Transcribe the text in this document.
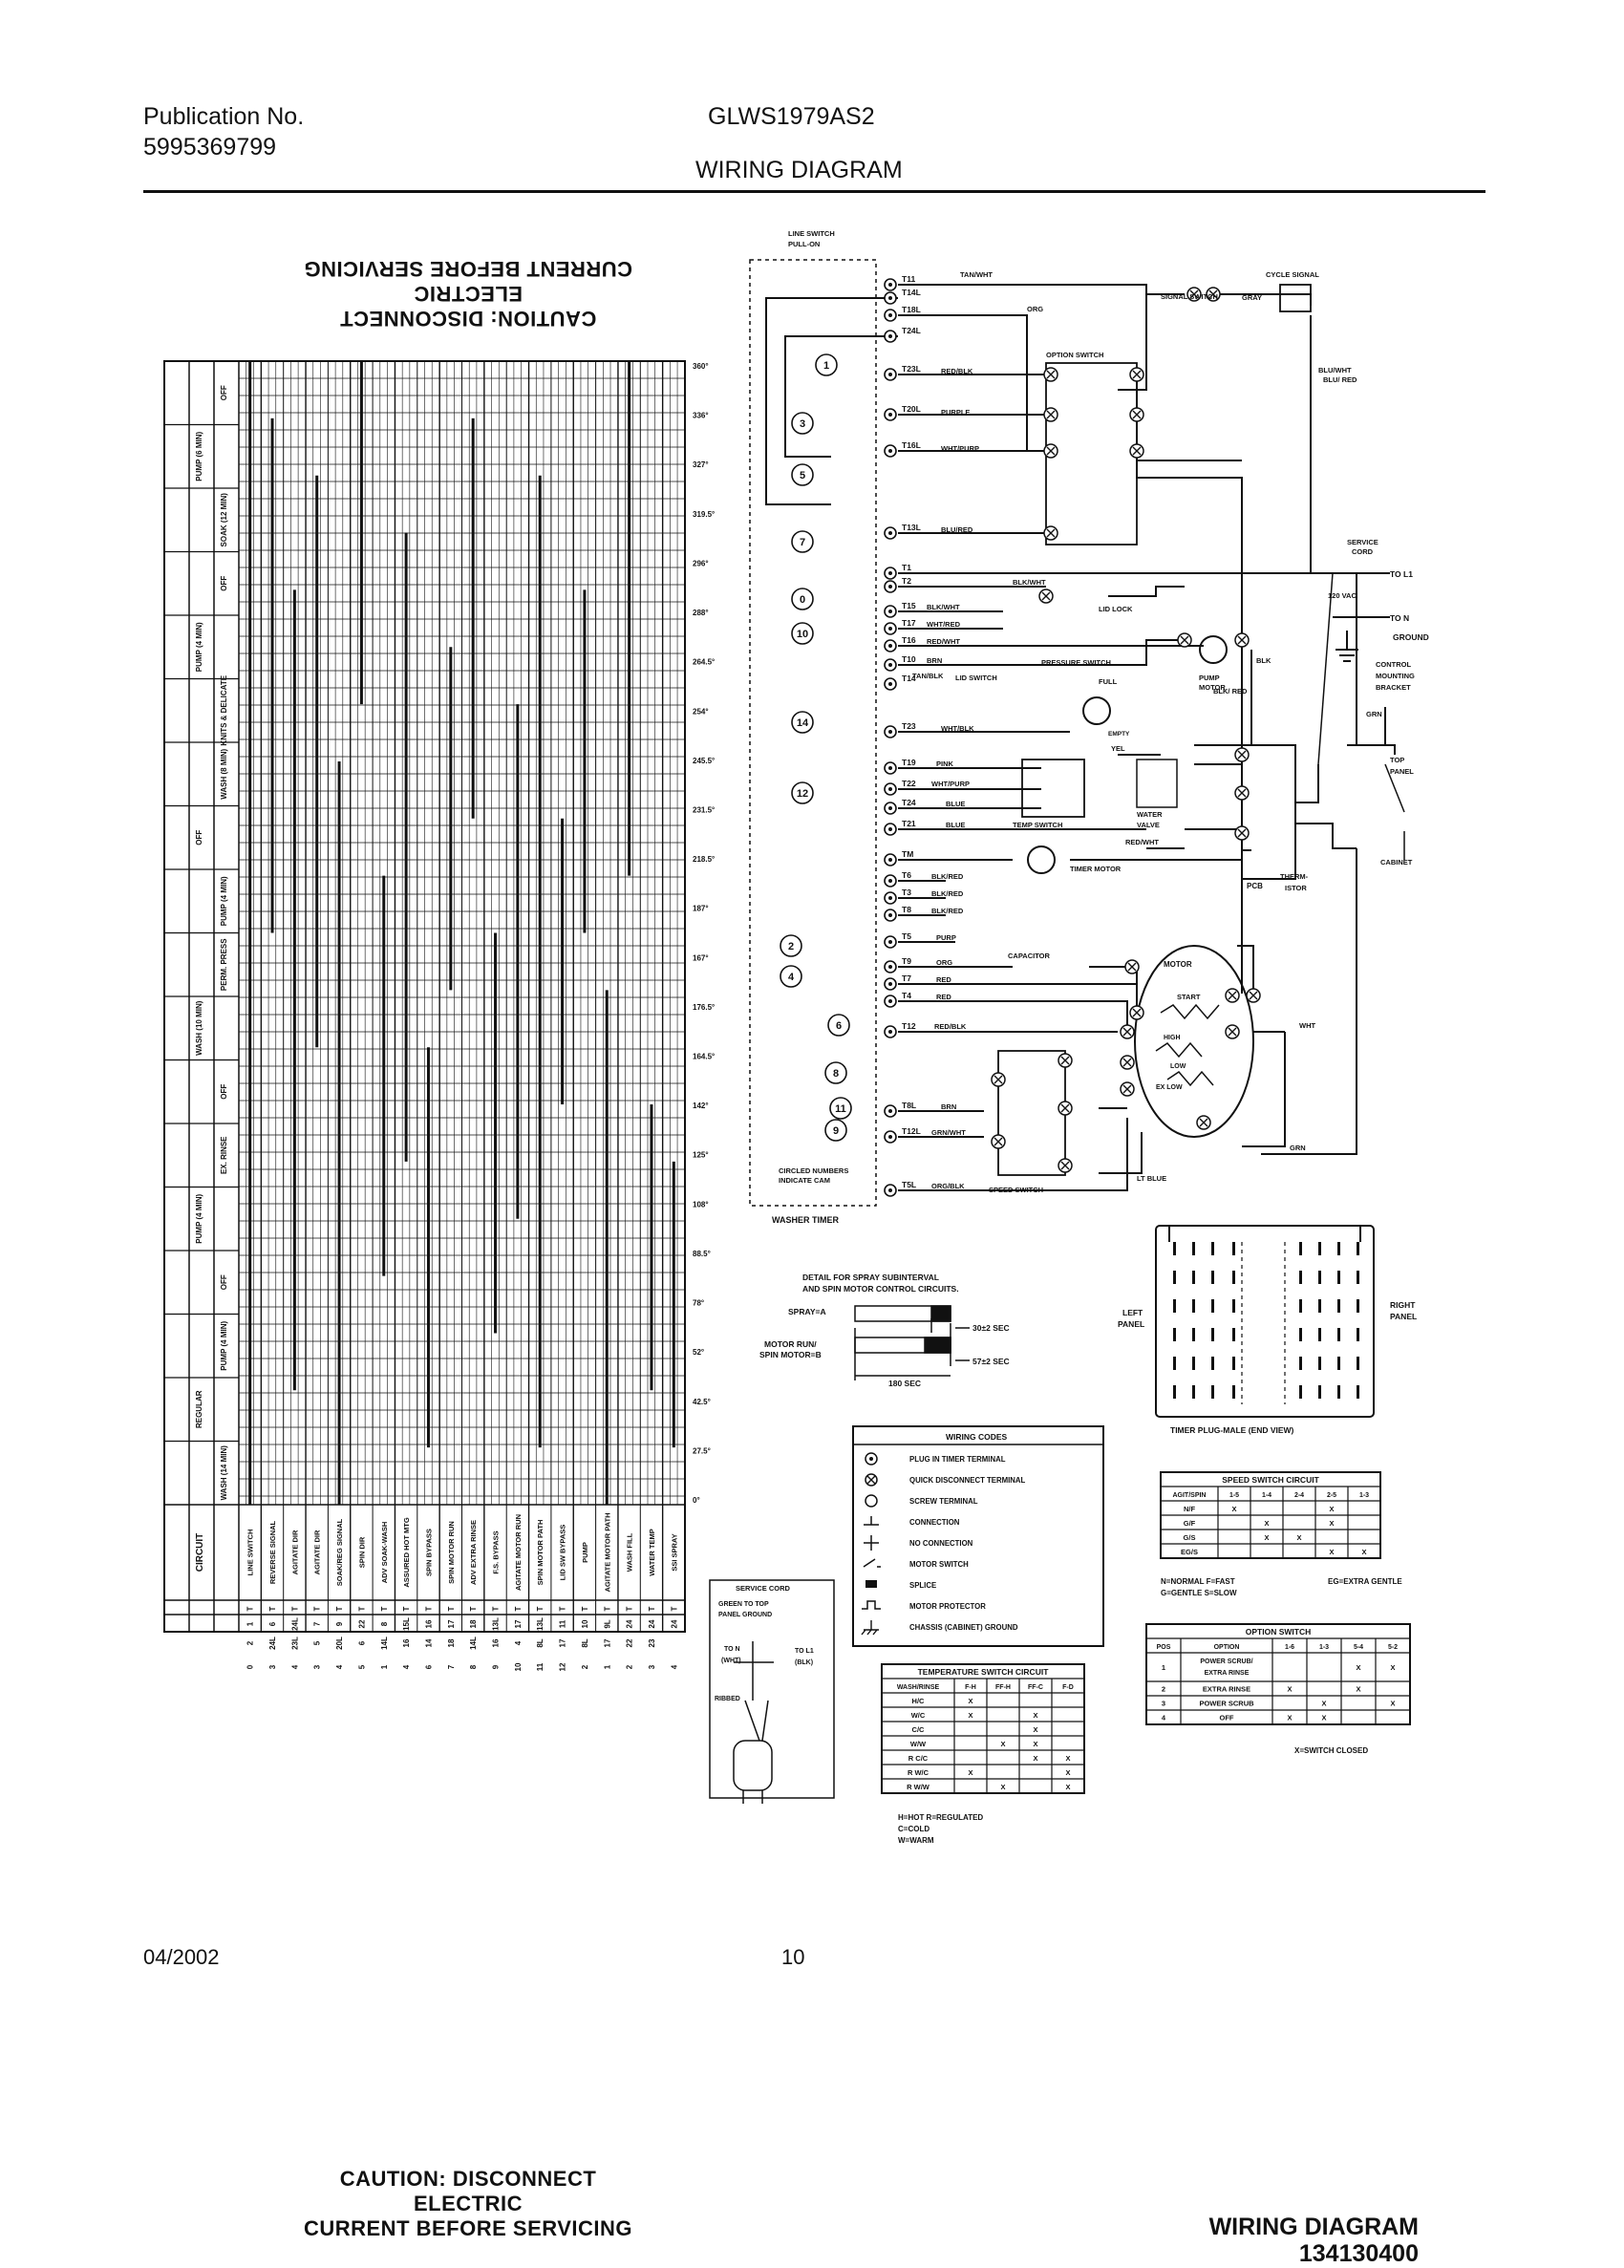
Publication No.
5995369799
GLWS1979AS2
WIRING DIAGRAM
CAUTION: DISCONNECT ELECTRIC
CURRENT BEFORE SERVICING
CAUTION: DISCONNECT ELECTRIC
CURRENT BEFORE SERVICING
OFF
PUMP (6 MIN)
SOAK (12 MIN)
OFF
PUMP (4 MIN)
KNITS & DELICATE
WASH (8 MIN)
OFF
PUMP (4 MIN)
PERM. PRESS
WASH (10 MIN)
OFF
EX. RINSE
PUMP (4 MIN)
OFF
PUMP (4 MIN)
REGULAR
WASH (14 MIN)
360°
336°
327°
319.5°
296°
288°
264.5°
254°
245.5°
231.5°
218.5°
187°
167°
176.5°
164.5°
142°
125°
108°
88.5°
78°
52°
42.5°
27.5°
0°
CIRCUIT	LINE SWITCH REVERSE SIGNAL AGITATE DIR AGITATE DIR SOAK/REG SIGNAL SPIN DIR ADV SOAK-WASH ASSURED HOT MTG SPIN BYPASS SPIN MOTOR RUN ADV EXTRA RINSE F.S. BYPASS AGITATE MOTOR RUN SPIN MOTOR PATH LID SW BYPASS PUMP AGITATE MOTOR PATH WASH FILL WATER TEMP SSI SPRAY
T T T T T T T T T T T T T T T T T T T T
1 6 24L 7 9 22 8 15L 16 17 18 13L 17 13L 11 10 9L 24 24 24
2 24L 23L 5 20L 6 14L 16 14 18 14L 16 4 8L 17 8L 17 22 23
0 3 4 3 4 5 1 4 6 7 8 9 10 11 12 2 1 2 3 4
T11
T14L
T18L
T24L
T23L
T20L
T16L
T13L
T1
T2
T15
T17
T16
T10
T14
T23
T19
T22
T24
T21
TM
T6
T3
T8
T5
T9
T7
T4
T12
T8L
T12L
T5L
1
3
5
7
0
10
14
12
2
4
6
8
11
9
LINE SWITCH
PULL-ON
WASHER TIMER
CIRCLED NUMBERS
INDICATE CAM
CYCLE SIGNAL
SIGNAL SWITCH
OPTION SWITCH
SERVICE
CORD
TO L1
TO N
GROUND
120 VAC
LID LOCK
LID SWITCH
PRESSURE SWITCH
FULL
EMPTY
PUMP
MOTOR
CONTROL
MOUNTING
BRACKET
TOP
PANEL
CABINET
WATER
VALVE
TEMP SWITCH
TIMER MOTOR
THERM-
ISTOR
PCB
CAPACITOR
MOTOR
START
HIGH
LOW
EX LOW
SPEED SWITCH
TAN/WHT
ORG
GRAY
BLU/WHT
RED/BLK
PURPLE
WHT/PURP
BLU/RED
BLK/WHT
BLK/WHT
WHT/RED
RED/WHT
BRN
TAN/BLK
WHT/BLK
PINK
WHT/PURP
BLUE
BLUE
BLK/RED
BLK/RED
BLK/RED
PURP
ORG
RED
RED
RED/BLK
BRN
GRN/WHT
ORG/BLK
WHT
GRN
BLK
YEL
RED/WHT
LT BLUE
BLK/ RED
GRN
BLU/ RED
DETAIL FOR SPRAY SUBINTERVAL
AND SPIN MOTOR CONTROL CIRCUITS.
SPRAY=A
MOTOR RUN/
SPIN MOTOR=B
30±2 SEC
57±2 SEC
180 SEC
TIMER PLUG-MALE (END VIEW)
LEFT
PANEL
RIGHT
PANEL
WIRING CODES
PLUG IN TIMER TERMINAL
QUICK DISCONNECT TERMINAL
SCREW TERMINAL
CONNECTION
NO CONNECTION
MOTOR SWITCH
SPLICE
MOTOR PROTECTOR
CHASSIS (CABINET) GROUND
SERVICE CORD
GREEN TO TOP
PANEL GROUND
TO N
(WHT)
TO L1
(BLK)
RIBBED
SPEED SWITCH CIRCUIT
AGIT/SPIN
N/F
G/F
G/S
EG/S
1-5
X
1-4
X
X
2-4
X
2-5
X
X
X
1-3
X
N=NORMAL F=FAST
G=GENTLE S=SLOW
EG=EXTRA GENTLE
TEMPERATURE SWITCH CIRCUIT
WASH/RINSE
H/C
W/C
C/C
W/W
R C/C
R W/C
R W/W
F-H
X
X
X
FF-H
X
X
FF-C
X
X
X
X
F-D
X
X
X
H=HOT R=REGULATED
C=COLD
W=WARM
OPTION SWITCH
POS
1
2
3
4
OPTION
POWER SCRUB/
EXTRA RINSE
EXTRA RINSE
POWER SCRUB
OFF
1-6
X
X
1-3
X
X
5-4
X
X
5-2
X
X
X=SWITCH CLOSED
WIRING DIAGRAM
134130400
04/2002	10
